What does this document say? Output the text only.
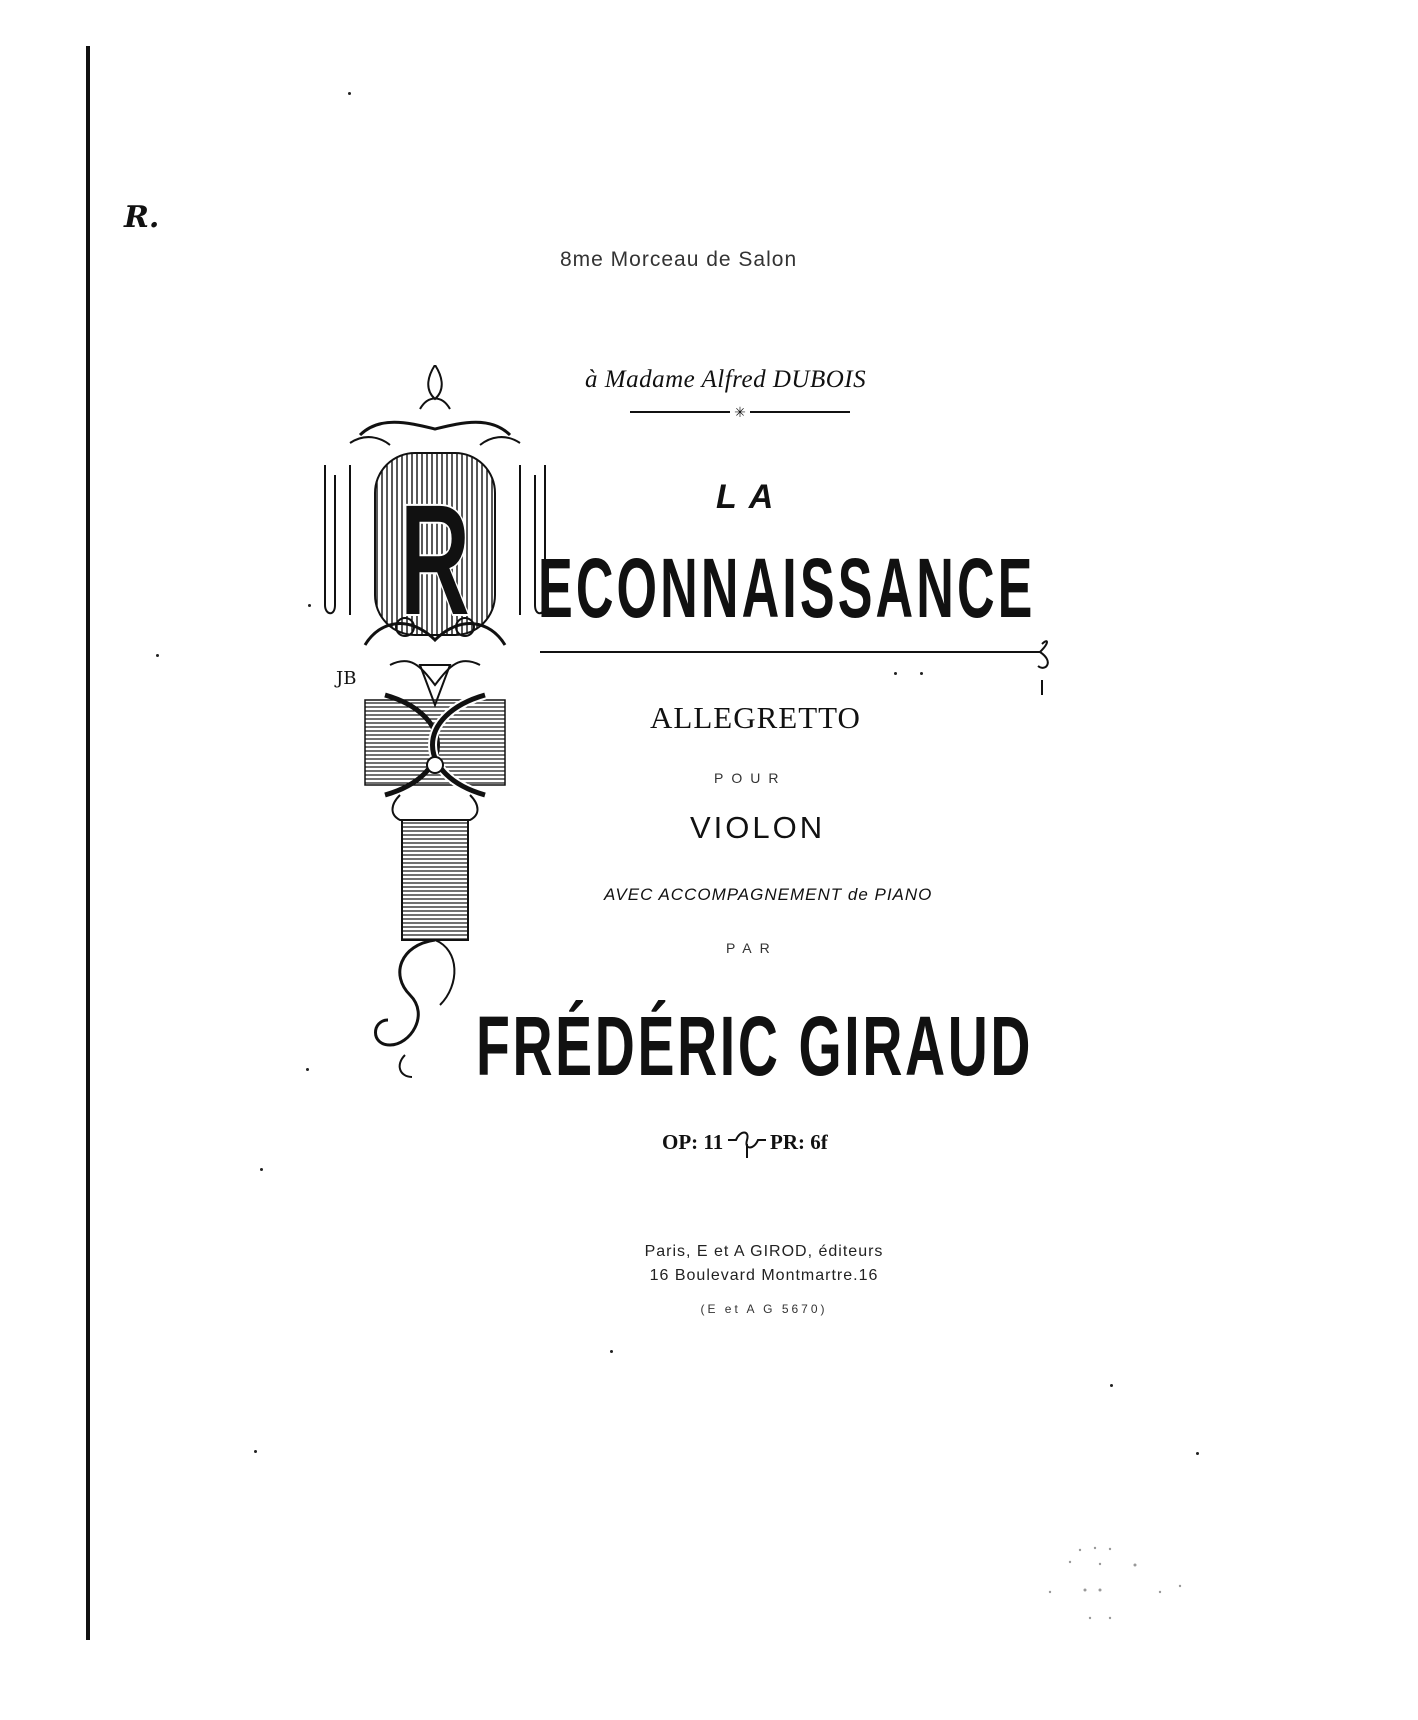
R.
8me Morceau de Salon
à Madame Alfred DUBOIS
✳
R
JB
LA
ECONNAISSANCE
ALLEGRETTO
POUR
VIOLON
AVEC ACCOMPAGNEMENT de PIANO
PAR
FRÉDÉRIC GIRAUD
OP: 11 PR: 6f
Paris, E et A GIROD, éditeurs
16 Boulevard Montmartre.16
(E et A G 5670)
